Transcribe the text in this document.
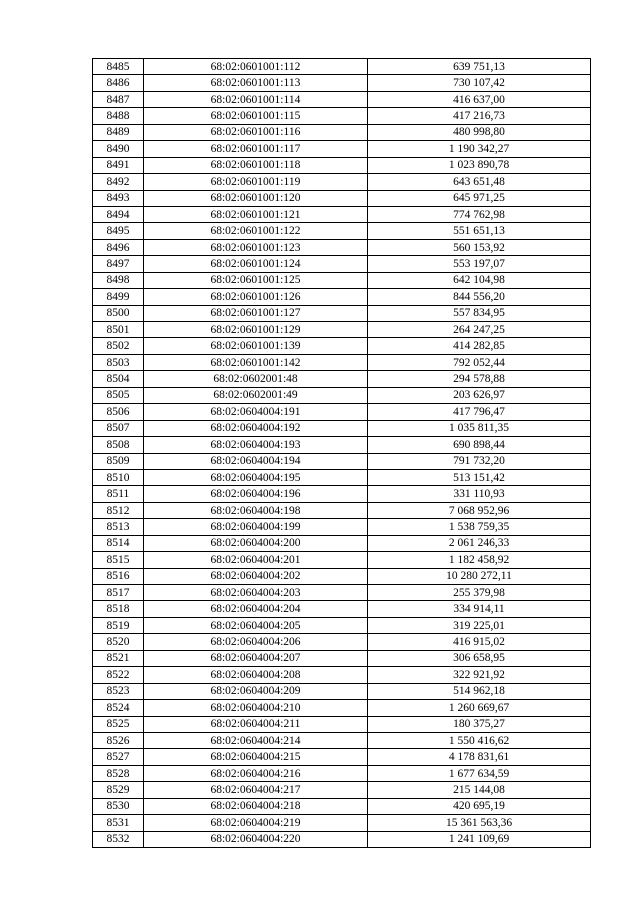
8485	68:02:0601001:112	639 751,13
8486	68:02:0601001:113	730 107,42
8487	68:02:0601001:114	416 637,00
8488	68:02:0601001:115	417 216,73
8489	68:02:0601001:116	480 998,80
8490	68:02:0601001:117	1 190 342,27
8491	68:02:0601001:118	1 023 890,78
8492	68:02:0601001:119	643 651,48
8493	68:02:0601001:120	645 971,25
8494	68:02:0601001:121	774 762,98
8495	68:02:0601001:122	551 651,13
8496	68:02:0601001:123	560 153,92
8497	68:02:0601001:124	553 197,07
8498	68:02:0601001:125	642 104,98
8499	68:02:0601001:126	844 556,20
8500	68:02:0601001:127	557 834,95
8501	68:02:0601001:129	264 247,25
8502	68:02:0601001:139	414 282,85
8503	68:02:0601001:142	792 052,44
8504	68:02:0602001:48	294 578,88
8505	68:02:0602001:49	203 626,97
8506	68:02:0604004:191	417 796,47
8507	68:02:0604004:192	1 035 811,35
8508	68:02:0604004:193	690 898,44
8509	68:02:0604004:194	791 732,20
8510	68:02:0604004:195	513 151,42
8511	68:02:0604004:196	331 110,93
8512	68:02:0604004:198	7 068 952,96
8513	68:02:0604004:199	1 538 759,35
8514	68:02:0604004:200	2 061 246,33
8515	68:02:0604004:201	1 182 458,92
8516	68:02:0604004:202	10 280 272,11
8517	68:02:0604004:203	255 379,98
8518	68:02:0604004:204	334 914,11
8519	68:02:0604004:205	319 225,01
8520	68:02:0604004:206	416 915,02
8521	68:02:0604004:207	306 658,95
8522	68:02:0604004:208	322 921,92
8523	68:02:0604004:209	514 962,18
8524	68:02:0604004:210	1 260 669,67
8525	68:02:0604004:211	180 375,27
8526	68:02:0604004:214	1 550 416,62
8527	68:02:0604004:215	4 178 831,61
8528	68:02:0604004:216	1 677 634,59
8529	68:02:0604004:217	215 144,08
8530	68:02:0604004:218	420 695,19
8531	68:02:0604004:219	15 361 563,36
8532	68:02:0604004:220	1 241 109,69
